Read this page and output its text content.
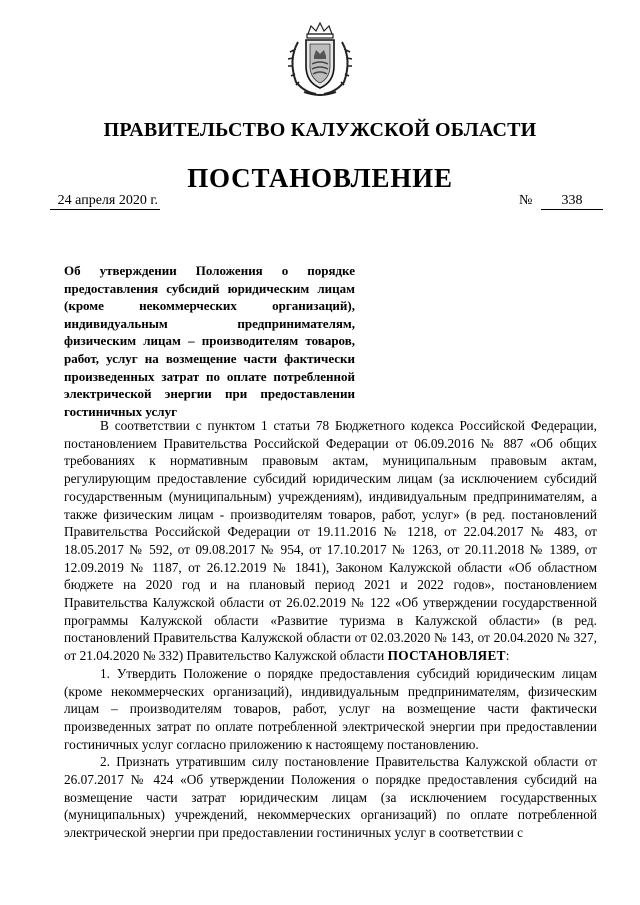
ПРАВИТЕЛЬСТВО КАЛУЖСКОЙ ОБЛАСТИ
ПОСТАНОВЛЕНИЕ
24 апреля 2020 г.	№	338

Об утверждении Положения о порядке предоставления субсидий юридическим лицам (кроме некоммерческих организаций), индивидуальным предпринимателям, физическим лицам – производителям товаров, работ, услуг на возмещение части фактически произведенных затрат по оплате потребленной электрической энергии при предоставлении гостиничных услуг

В соответствии с пунктом 1 статьи 78 Бюджетного кодекса Российской Федерации, постановлением Правительства Российской Федерации от 06.09.2016 № 887 «Об общих требованиях к нормативным правовым актам, муниципальным правовым актам, регулирующим предоставление субсидий юридическим лицам (за исключением субсидий государственным (муниципальным) учреждениям), индивидуальным предпринимателям, а также физическим лицам - производителям товаров, работ, услуг» (в ред. постановлений Правительства Российской Федерации от 19.11.2016 № 1218, от 22.04.2017 № 483, от 18.05.2017 № 592, от 09.08.2017 № 954, от 17.10.2017 № 1263, от 20.11.2018 № 1389, от 12.09.2019 № 1187, от 26.12.2019 № 1841), Законом Калужской области «Об областном бюджете на 2020 год и на плановый период 2021 и 2022 годов», постановлением Правительства Калужской области от 26.02.2019 № 122 «Об утверждении государственной программы Калужской области «Развитие туризма в Калужской области» (в ред. постановлений Правительства Калужской области от 02.03.2020 № 143, от 20.04.2020 № 327, от 21.04.2020 № 332) Правительство Калужской области ПОСТАНОВЛЯЕТ:

1. Утвердить Положение о порядке предоставления субсидий юридическим лицам (кроме некоммерческих организаций), индивидуальным предпринимателям, физическим лицам – производителям товаров, работ, услуг на возмещение части фактически произведенных затрат по оплате потребленной электрической энергии при предоставлении гостиничных услуг согласно приложению к настоящему постановлению.

2. Признать утратившим силу постановление Правительства Калужской области от 26.07.2017 № 424 «Об утверждении Положения о порядке предоставления субсидий на возмещение части затрат юридическим лицам (за исключением государственных (муниципальных) учреждений, некоммерческих организаций) по оплате потребленной электрической энергии при предоставлении гостиничных услуг в соответствии с
